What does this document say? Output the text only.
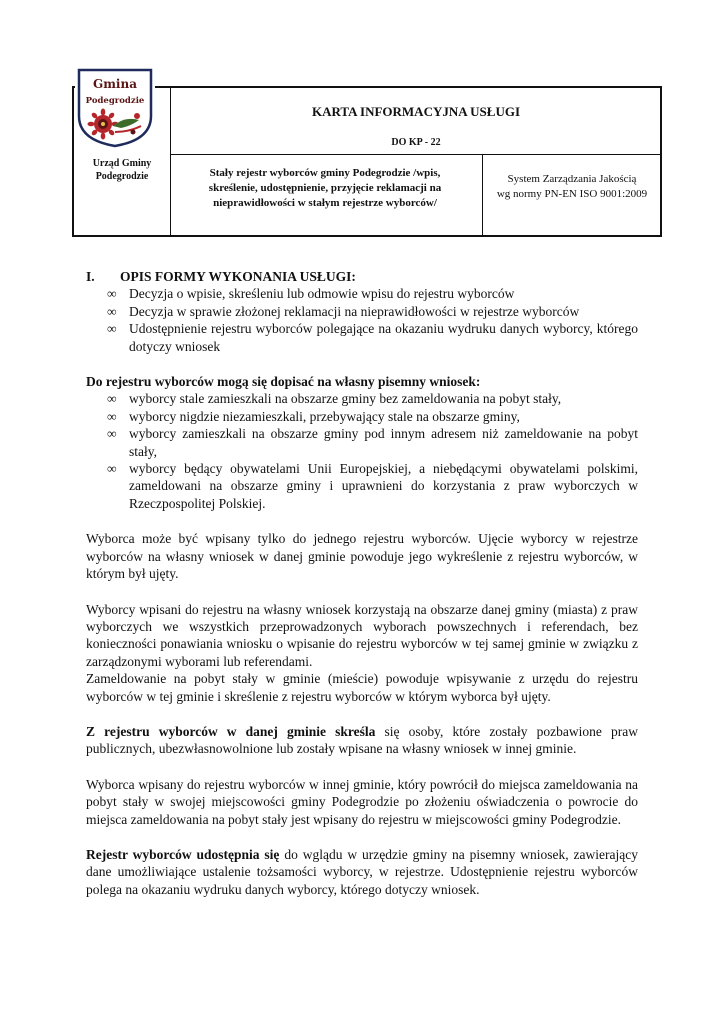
Gmina
Podegrodzie
Urząd Gminy
Podegrodzie
KARTA INFORMACYJNA USŁUGI
DO KP - 22
Stały rejestr wyborców gminy Podegrodzie /wpis,
skreślenie, udostępnienie, przyjęcie reklamacji na
nieprawidłowości w stałym rejestrze wyborców/
System Zarządzania Jakością
wg normy PN-EN ISO 9001:2009
I. OPIS FORMY WYKONANIA USŁUGI:
∞ Decyzja o wpisie, skreśleniu lub odmowie wpisu do rejestru wyborców
∞ Decyzja w sprawie złożonej reklamacji na nieprawidłowości w rejestrze wyborców
∞ Udostępnienie rejestru wyborców polegające na okazaniu wydruku danych wyborcy, którego dotyczy wniosek

Do rejestru wyborców mogą się dopisać na własny pisemny wniosek:

∞ wyborcy stale zamieszkali na obszarze gminy bez zameldowania na pobyt stały,
∞ wyborcy nigdzie niezamieszkali, przebywający stale na obszarze gminy,
∞ wyborcy zamieszkali na obszarze gminy pod innym adresem niż zameldowanie na pobyt stały,
∞ wyborcy będący obywatelami Unii Europejskiej, a niebędącymi obywatelami polskimi, zameldowani na obszarze gminy i uprawnieni do korzystania z praw wyborczych w Rzeczpospolitej Polskiej.

Wyborca może być wpisany tylko do jednego rejestru wyborców. Ujęcie wyborcy w rejestrze wyborców na własny wniosek w danej gminie powoduje jego wykreślenie z rejestru wyborców, w którym był ujęty.

Wyborcy wpisani do rejestru na własny wniosek korzystają na obszarze danej gminy (miasta) z praw wyborczych we wszystkich przeprowadzonych wyborach powszechnych i referendach, bez konieczności ponawiania wniosku o wpisanie do rejestru wyborców w tej samej gminie w związku z zarządzonymi wyborami lub referendami.

Zameldowanie na pobyt stały w gminie (mieście) powoduje wpisywanie z urzędu do rejestru wyborców w tej gminie i skreślenie z rejestru wyborców w którym wyborca był ujęty.

Z rejestru wyborców w danej gminie skreśla się osoby, które zostały pozbawione praw publicznych, ubezwłasnowolnione lub zostały wpisane na własny wniosek w innej gminie.

Wyborca wpisany do rejestru wyborców w innej gminie, który powrócił do miejsca zameldowania na pobyt stały w swojej miejscowości gminy Podegrodzie po złożeniu oświadczenia o powrocie do miejsca zameldowania na pobyt stały jest wpisany do rejestru w miejscowości gminy Podegrodzie.

Rejestr wyborców udostępnia się do wglądu w urzędzie gminy na pisemny wniosek, zawierający dane umożliwiające ustalenie tożsamości wyborcy, w rejestrze. Udostępnienie rejestru wyborców polega na okazaniu wydruku danych wyborcy, którego dotyczy wniosek.
